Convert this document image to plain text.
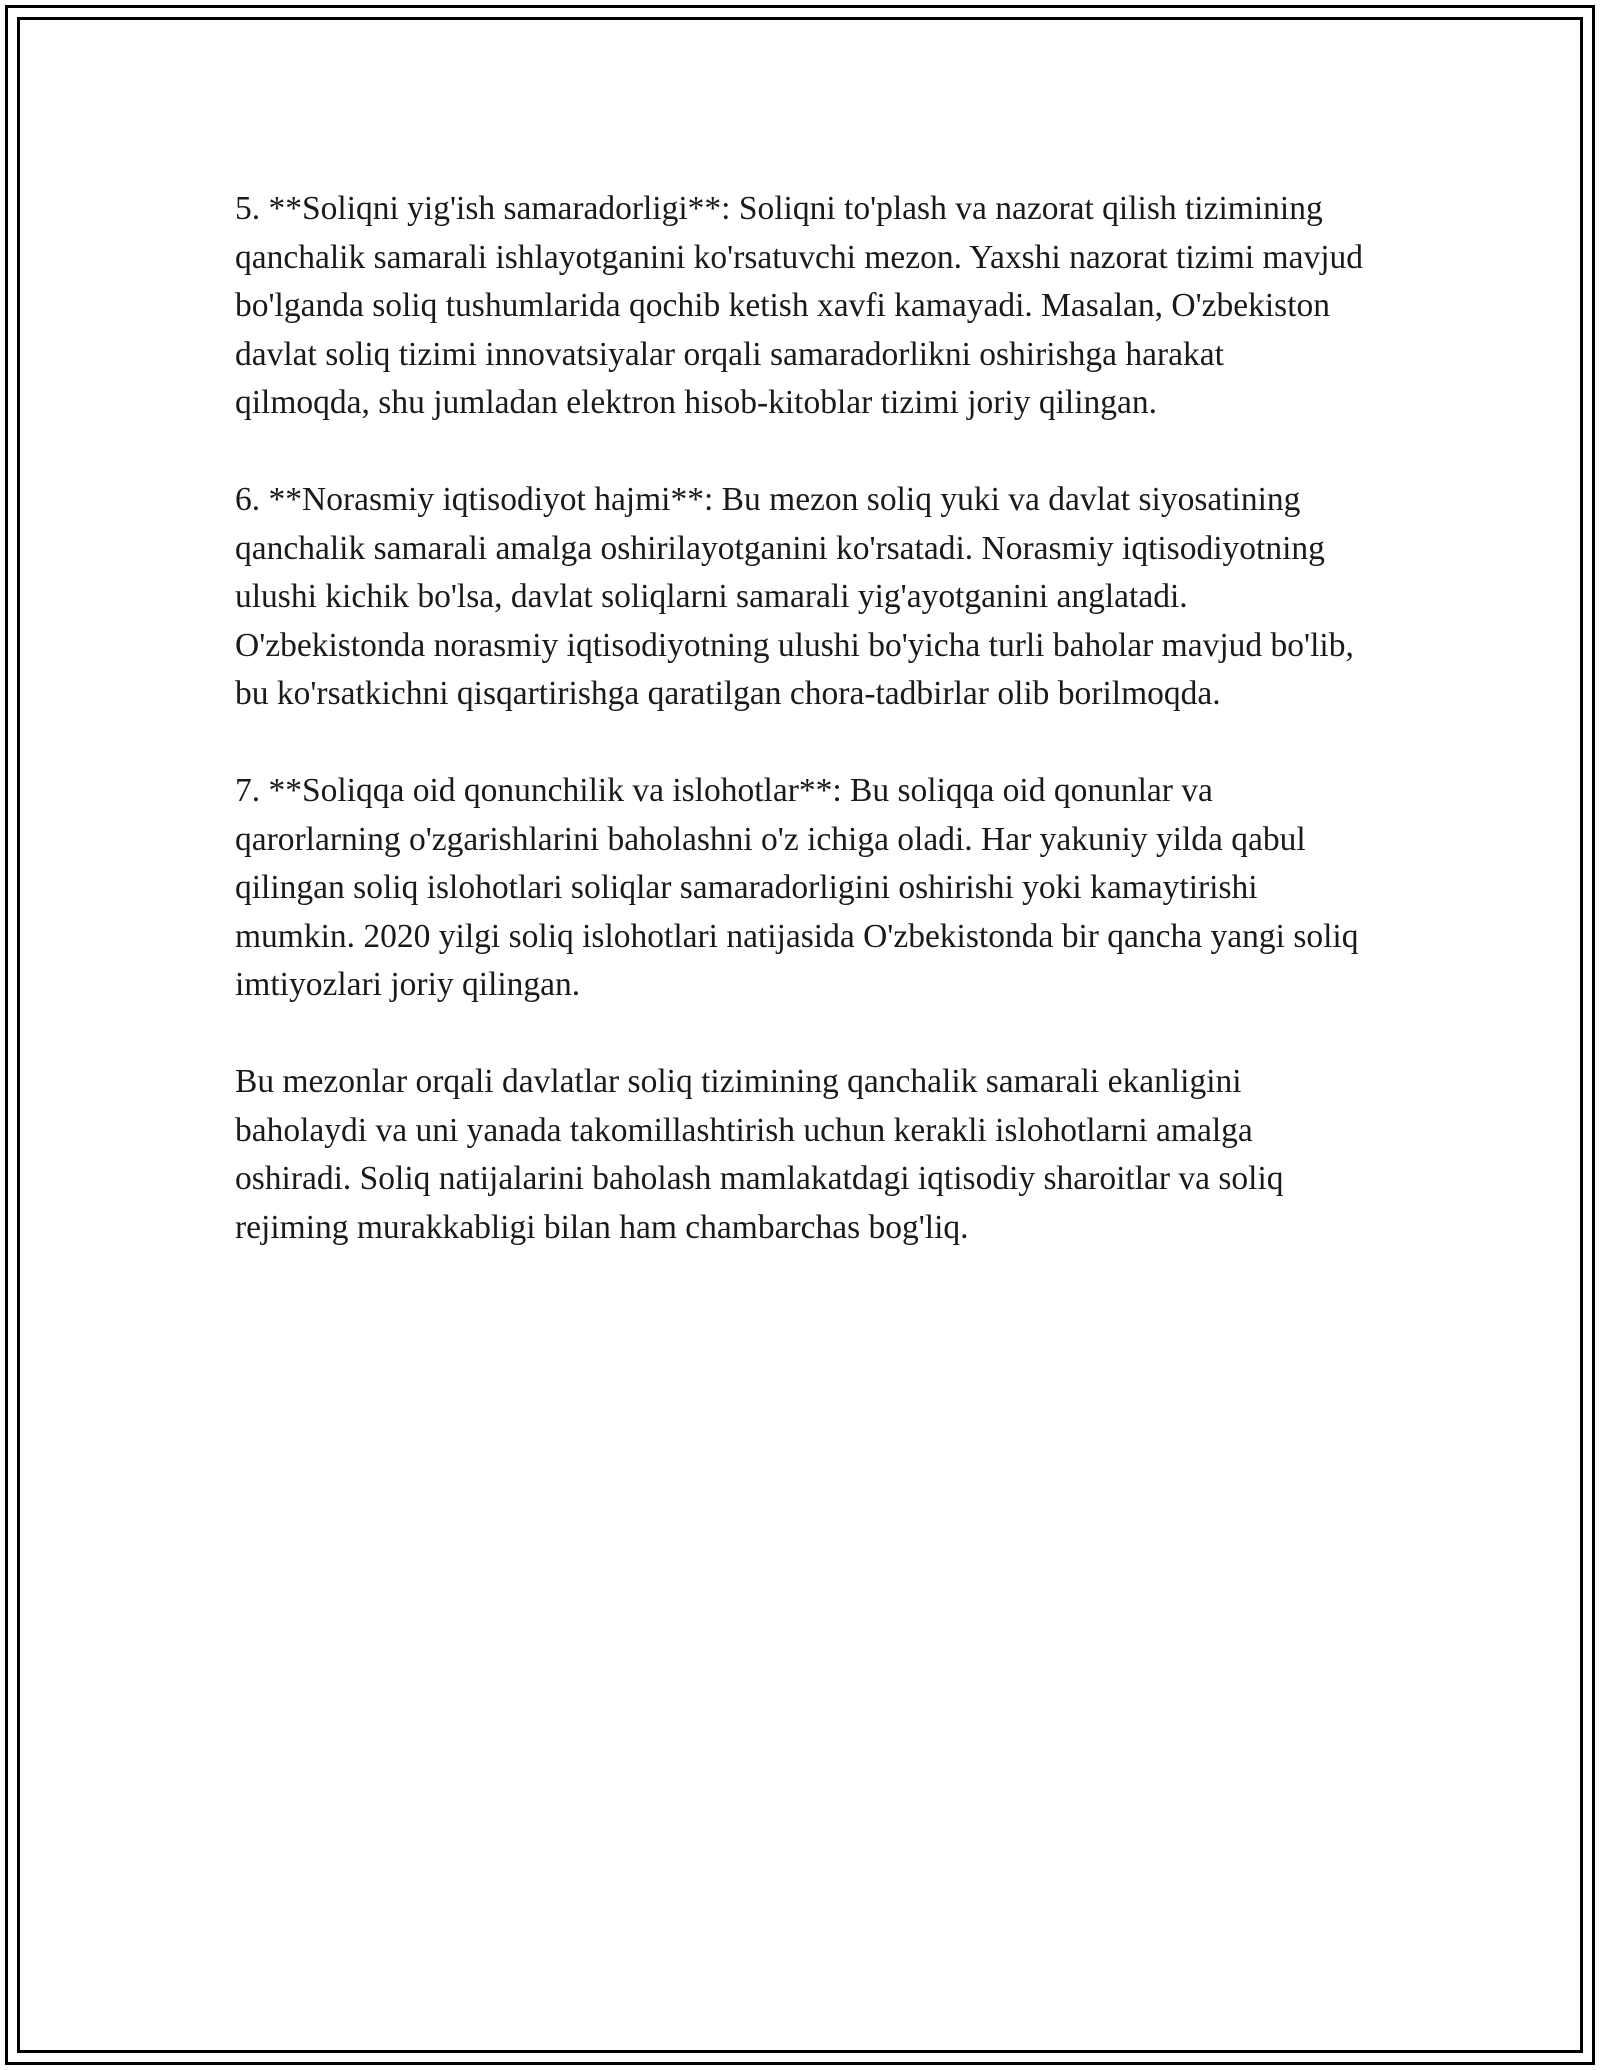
5. **Soliqni yig'ish samaradorligi**: Soliqni to'plash va nazorat qilish tizimining qanchalik samarali ishlayotganini ko'rsatuvchi mezon. Yaxshi nazorat tizimi mavjud bo'lganda soliq tushumlarida qochib ketish xavfi kamayadi. Masalan, O'zbekiston davlat soliq tizimi innovatsiyalar orqali samaradorlikni oshirishga harakat qilmoqda, shu jumladan elektron hisob-kitoblar tizimi joriy qilingan.

6. **Norasmiy iqtisodiyot hajmi**: Bu mezon soliq yuki va davlat siyosatining qanchalik samarali amalga oshirilayotganini ko'rsatadi. Norasmiy iqtisodiyotning ulushi kichik bo'lsa, davlat soliqlarni samarali yig'ayotganini anglatadi. O'zbekistonda norasmiy iqtisodiyotning ulushi bo'yicha turli baholar mavjud bo'lib, bu ko'rsatkichni qisqartirishga qaratilgan chora-tadbirlar olib borilmoqda.

7. **Soliqqa oid qonunchilik va islohotlar**: Bu soliqqa oid qonunlar va qarorlarning o'zgarishlarini baholashni o'z ichiga oladi. Har yakuniy yilda qabul qilingan soliq islohotlari soliqlar samaradorligini oshirishi yoki kamaytirishi mumkin. 2020 yilgi soliq islohotlari natijasida O'zbekistonda bir qancha yangi soliq imtiyozlari joriy qilingan.

Bu mezonlar orqali davlatlar soliq tizimining qanchalik samarali ekanligini baholaydi va uni yanada takomillashtirish uchun kerakli islohotlarni amalga oshiradi. Soliq natijalarini baholash mamlakatdagi iqtisodiy sharoitlar va soliq rejiming murakkabligi bilan ham chambarchas bog'liq.
